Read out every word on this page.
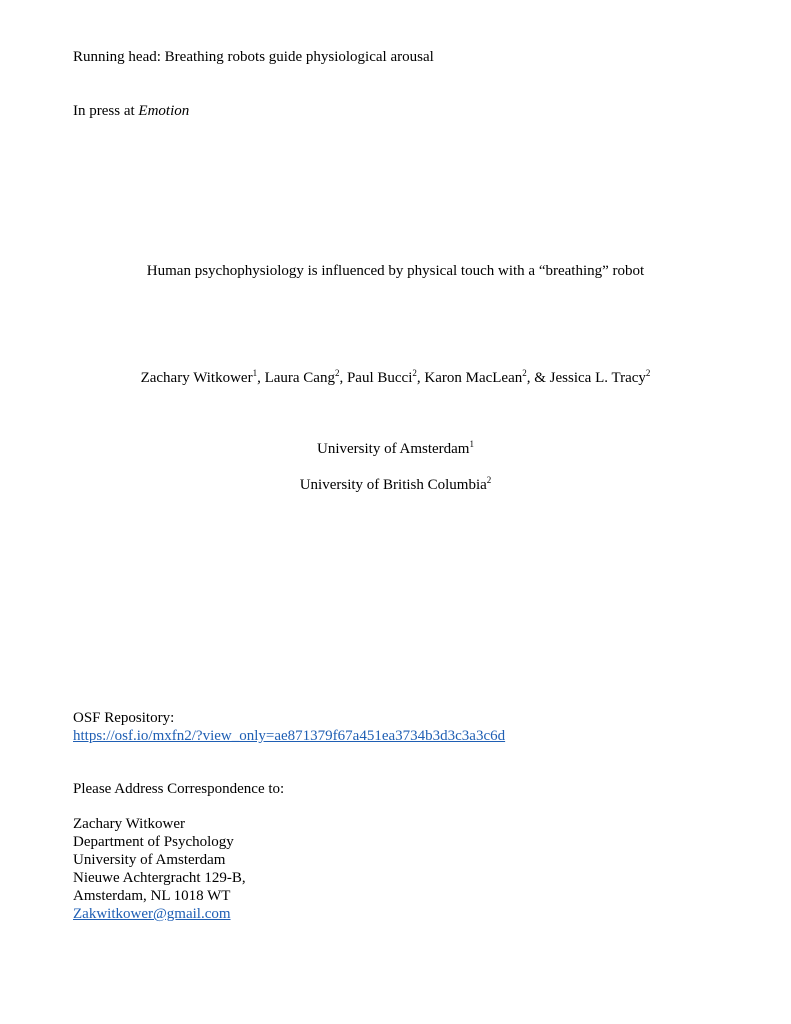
Running head: Breathing robots guide physiological arousal
In press at Emotion
Human psychophysiology is influenced by physical touch with a “breathing” robot
Zachary Witkower$^1$, Laura Cang$^2$, Paul Bucci$^2$, Karon MacLean$^2$, & Jessica L. Tracy$^2$
University of Amsterdam$^1$
University of British Columbia$^2$
OSF Repository:
https://osf.io/mxfn2/?view_only=ae871379f67a451ea3734b3d3c3a3c6d
Please Address Correspondence to:
Zachary Witkower
Department of Psychology
University of Amsterdam
Nieuwe Achtergracht 129-B,
Amsterdam, NL 1018 WT
Zakwitkower@gmail.com
